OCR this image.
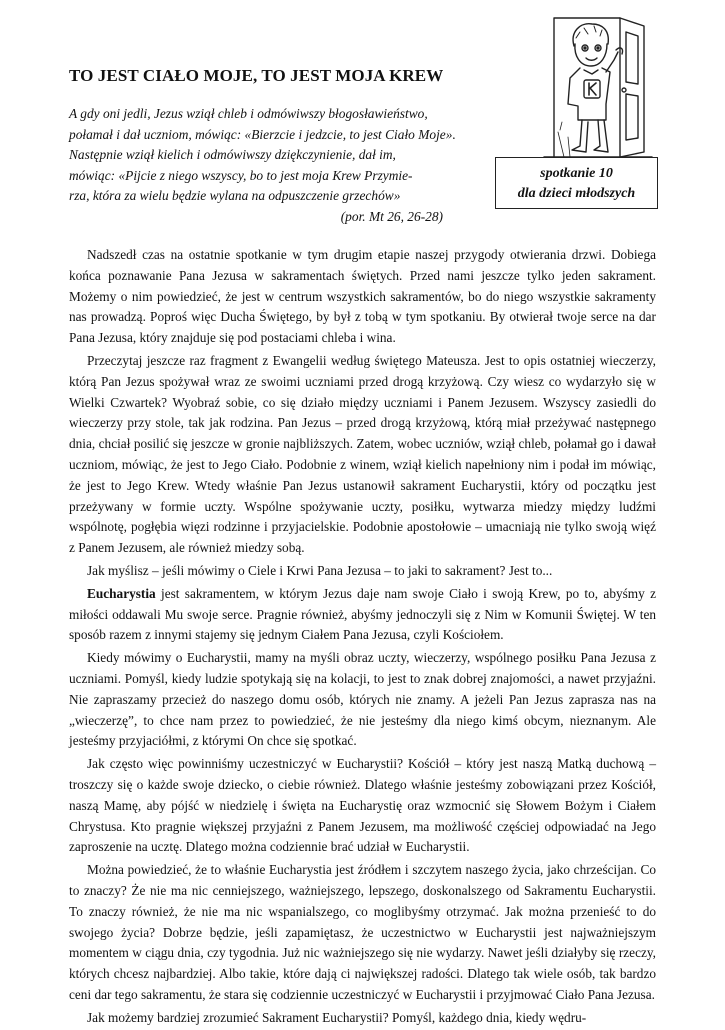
TO JEST CIAŁO MOJE, TO JEST MOJA KREW
A gdy oni jedli, Jezus wziął chleb i odmówiwszy błogosławieństwo,
połamał i dał uczniom, mówiąc: «Bierzcie i jedzcie, to jest Ciało Moje».
Następnie wziął kielich i odmówiwszy dziękczynienie, dał im,
mówiąc: «Pijcie z niego wszyscy, bo to jest moja Krew Przymie-
rza, która za wielu będzie wylana na odpuszczenie grzechów»
(por. Mt 26, 26-28)
spotkanie 10
dla dzieci młodszych

Nadszedł czas na ostatnie spotkanie w tym drugim etapie naszej przygody otwierania drzwi. Dobiega końca poznawanie Pana Jezusa w sakramentach świętych. Przed nami jeszcze tylko jeden sakrament. Możemy o nim powiedzieć, że jest w centrum wszystkich sakramentów, bo do niego wszystkie sakramenty nas prowadzą. Poproś więc Ducha Świętego, by był z tobą w tym spotkaniu. By otwierał twoje serce na dar Pana Jezusa, który znajduje się pod postaciami chleba i wina.

Przeczytaj jeszcze raz fragment z Ewangelii według świętego Mateusza. Jest to opis ostatniej wieczerzy, którą Pan Jezus spożywał wraz ze swoimi uczniami przed drogą krzyżową. Czy wiesz co wydarzyło się w Wielki Czwartek? Wyobraź sobie, co się działo między uczniami i Panem Jezusem. Wszyscy zasiedli do wieczerzy przy stole, tak jak rodzina. Pan Jezus – przed drogą krzyżową, którą miał przeżywać następnego dnia, chciał posilić się jeszcze w gronie najbliższych. Zatem, wobec uczniów, wziął chleb, połamał go i dawał uczniom, mówiąc, że jest to Jego Ciało. Podobnie z winem, wziął kielich napełniony nim i podał im mówiąc, że jest to Jego Krew. Wtedy właśnie Pan Jezus ustanowił sakrament Eucharystii, który od początku jest przeżywany w formie uczty. Wspólne spożywanie uczty, posiłku, wytwarza miedzy między ludźmi wspólnotę, pogłębia więzi rodzinne i przyjacielskie. Podobnie apostołowie – umacniają nie tylko swoją więź z Panem Jezusem, ale również miedzy sobą.

Jak myślisz – jeśli mówimy o Ciele i Krwi Pana Jezusa – to jaki to sakrament? Jest to...

Eucharystia jest sakramentem, w którym Jezus daje nam swoje Ciało i swoją Krew, po to, abyśmy z miłości oddawali Mu swoje serce. Pragnie również, abyśmy jednoczyli się z Nim w Komunii Świętej. W ten sposób razem z innymi stajemy się jednym Ciałem Pana Jezusa, czyli Kościołem.

Kiedy mówimy o Eucharystii, mamy na myśli obraz uczty, wieczerzy, wspólnego posiłku Pana Jezusa z uczniami. Pomyśl, kiedy ludzie spotykają się na kolacji, to jest to znak dobrej znajomości, a nawet przyjaźni. Nie zapraszamy przecież do naszego domu osób, których nie znamy. A jeżeli Pan Jezus zaprasza nas na „wieczerzę”, to chce nam przez to powiedzieć, że nie jesteśmy dla niego kimś obcym, nieznanym. Ale jesteśmy przyjaciółmi, z którymi On chce się spotkać.

Jak często więc powinniśmy uczestniczyć w Eucharystii? Kościół – który jest naszą Matką duchową – troszczy się o każde swoje dziecko, o ciebie również. Dlatego właśnie jesteśmy zobowiązani przez Kościół, naszą Mamę, aby pójść w niedzielę i święta na Eucharystię oraz wzmocnić się Słowem Bożym i Ciałem Chrystusa. Kto pragnie większej przyjaźni z Panem Jezusem, ma możliwość częściej odpowiadać na Jego zaproszenie na ucztę. Dlatego można codziennie brać udział w Eucharystii.

Można powiedzieć, że to właśnie Eucharystia jest źródłem i szczytem naszego życia, jako chrześcijan. Co to znaczy? Że nie ma nic cenniejszego, ważniejszego, lepszego, doskonalszego od Sakramentu Eucharystii. To znaczy również, że nie ma nic wspanialszego, co moglibyśmy otrzymać. Jak można przenieść to do swojego życia? Dobrze będzie, jeśli zapamiętasz, że uczestnictwo w Eucharystii jest najważniejszym momentem w ciągu dnia, czy tygodnia. Już nic ważniejszego się nie wydarzy. Nawet jeśli działyby się rzeczy, których chcesz najbardziej. Albo takie, które dają ci największej radości. Dlatego tak wiele osób, tak bardzo ceni dar tego sakramentu, że stara się codziennie uczestniczyć w Eucharystii i przyjmować Ciało Pana Jezusa.

Jak możemy bardziej zrozumieć Sakrament Eucharystii? Pomyśl, każdego dnia, kiedy wędru-
